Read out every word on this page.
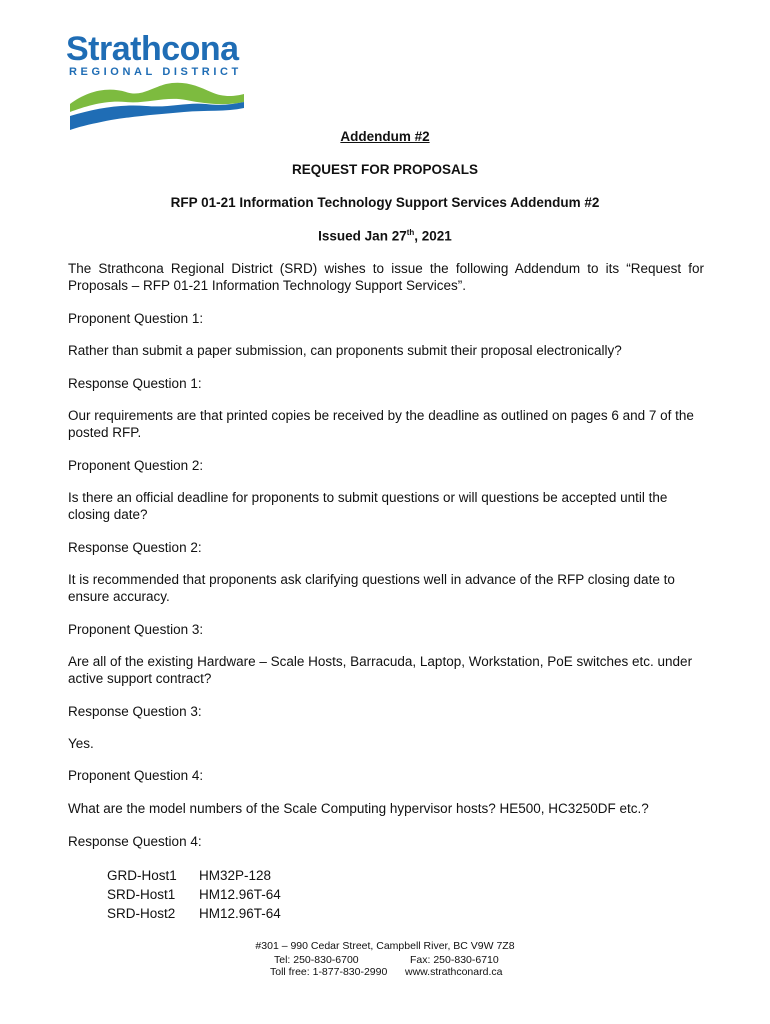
Strathcona
REGIONAL DISTRICT
Addendum #2
REQUEST FOR PROPOSALS
RFP 01-21 Information Technology Support Services Addendum #2
Issued Jan 27th, 2021
The Strathcona Regional District (SRD) wishes to issue the following Addendum to its “Request for Proposals – RFP 01-21 Information Technology Support Services”.
Proponent Question 1:
Rather than submit a paper submission, can proponents submit their proposal electronically?
Response Question 1:
Our requirements are that printed copies be received by the deadline as outlined on pages 6 and 7 of the posted RFP.
Proponent Question 2:
Is there an official deadline for proponents to submit questions or will questions be accepted until the closing date?
Response Question 2:
It is recommended that proponents ask clarifying questions well in advance of the RFP closing date to ensure accuracy.
Proponent Question 3:
Are all of the existing Hardware – Scale Hosts, Barracuda, Laptop, Workstation, PoE switches etc. under active support contract?
Response Question 3:
Yes.
Proponent Question 4:
What are the model numbers of the Scale Computing hypervisor hosts? HE500, HC3250DF etc.?
Response Question 4:
GRD-Host1 HM32P-128
SRD-Host1 HM12.96T-64
SRD-Host2 HM12.96T-64
#301 – 990 Cedar Street, Campbell River, BC V9W 7Z8
Tel: 250-830-6700	Fax: 250-830-6710
Toll free: 1-877-830-2990 www.strathconard.ca
